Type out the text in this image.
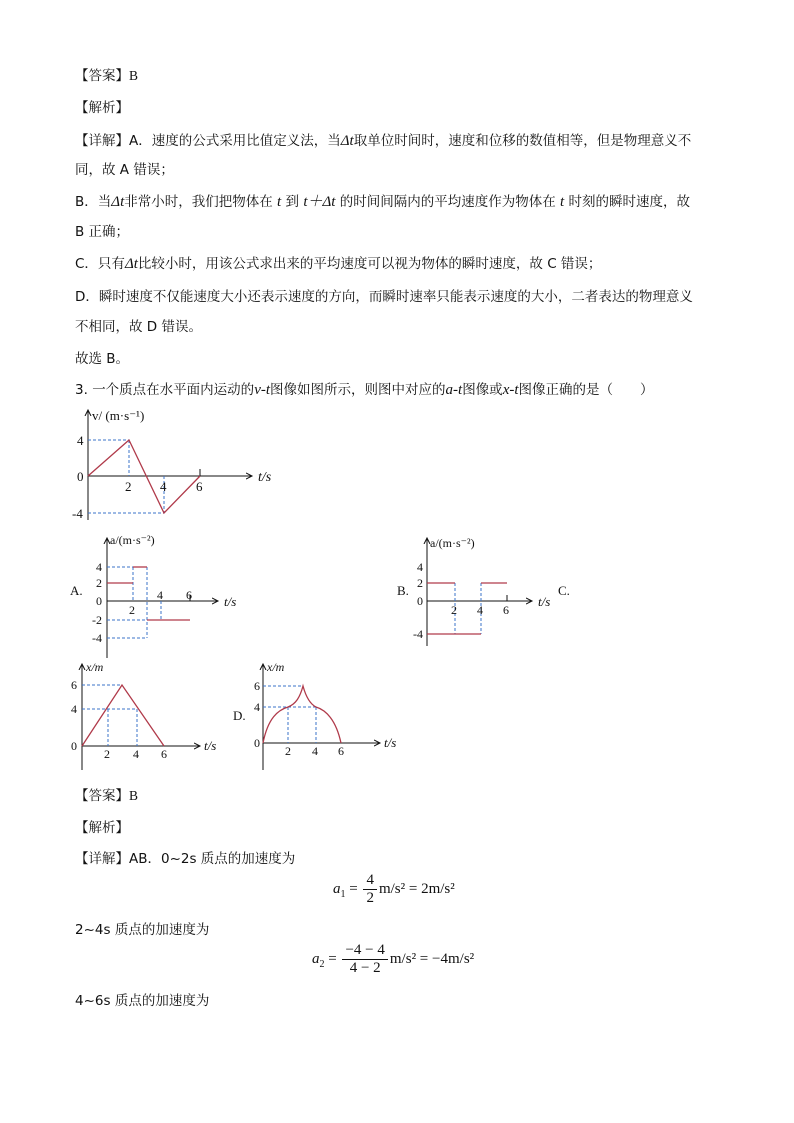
【答案】B
【解析】
【详解】A．速度的公式采用比值定义法，当Δt取单位时间时，速度和位移的数值相等，但是物理意义不
同，故 A 错误；
B．当Δt非常小时，我们把物体在 t 到 t＋Δt 的时间间隔内的平均速度作为物体在 t 时刻的瞬时速度，故
B 正确；
C．只有Δt比较小时，用该公式求出来的平均速度可以视为物体的瞬时速度，故 C 错误；
D．瞬时速度不仅能速度大小还表示速度的方向，而瞬时速率只能表示速度的大小，二者表达的物理意义
不相同，故 D 错误。
故选 B。
3. 一个质点在水平面内运动的v-t图像如图所示，则图中对应的a-t图像或x-t图像正确的是（　　）
v/ (m·s⁻¹)
t/s
4
0
-4
2 4 6
A.
a/(m·s⁻²)
t/s
4
2
0
-2
-4
2
4 6	B.
a/(m·s⁻²)
t/s
4
2
0
-4
2 4 6
C.
x/m
t/s
6
4
0
2 4 6
D.
x/m
t/s
6
4
0
2 4 6
【答案】B
【解析】
【详解】AB．0~2s 质点的加速度为
$a_1 = \frac{4}{2} m/s^2 = 2m/s^2$
2~4s 质点的加速度为
$a_2 = \frac{-4 - 4}{4 - 2} m/s^2 = -4m/s^2$
4~6s 质点的加速度为
